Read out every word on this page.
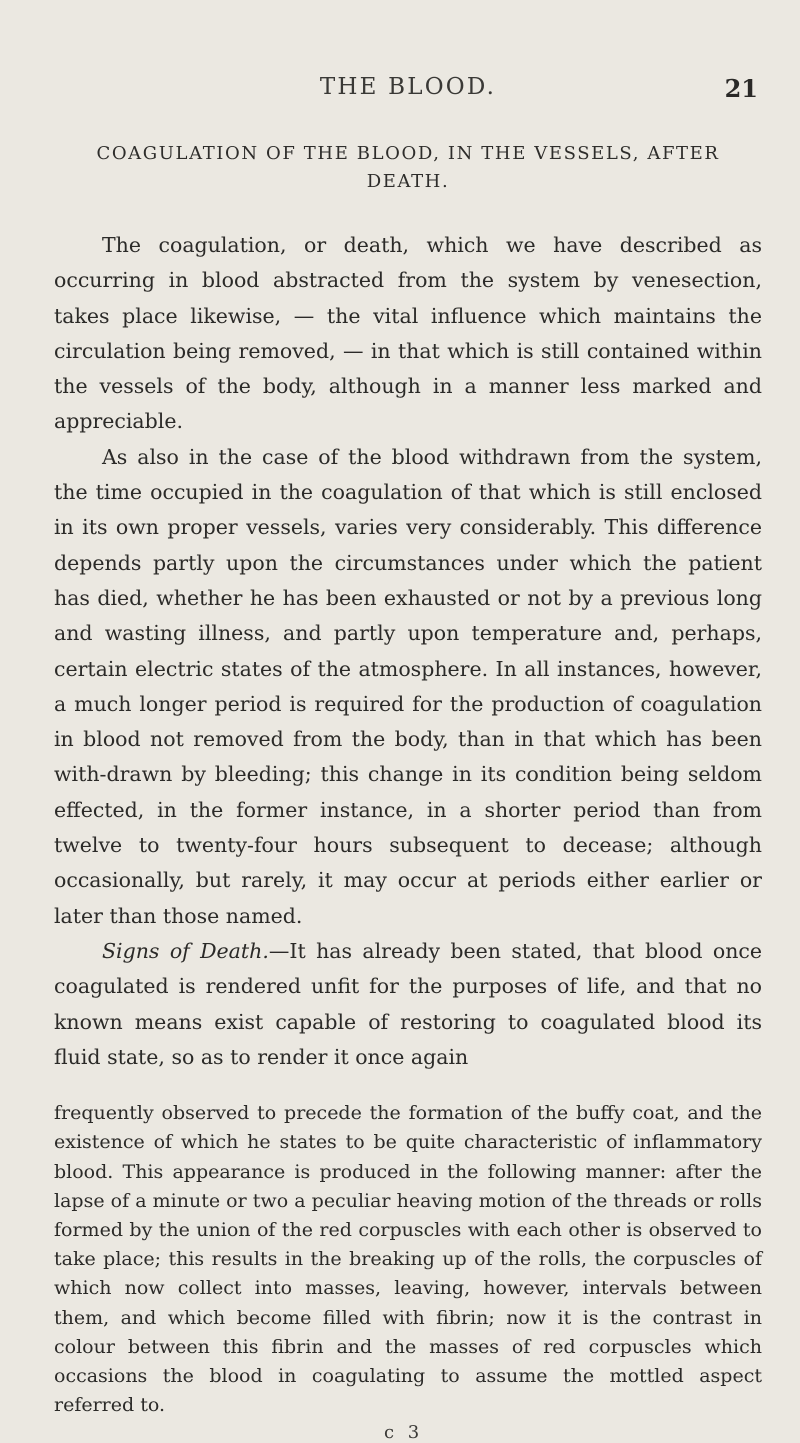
THE BLOOD.	21
COAGULATION OF THE BLOOD, IN THE VESSELS, AFTER DEATH.

The coagulation, or death, which we have described as occurring in blood abstracted from the system by venesection, takes place likewise, — the vital influence which maintains the circulation being removed, — in that which is still contained within the vessels of the body, although in a manner less marked and appreciable.

As also in the case of the blood withdrawn from the system, the time occupied in the coagulation of that which is still enclosed in its own proper vessels, varies very considerably. This difference depends partly upon the circumstances under which the patient has died, whether he has been exhausted or not by a previous long and wasting illness, and partly upon temperature and, perhaps, certain electric states of the atmosphere. In all instances, however, a much longer period is required for the production of coagulation in blood not removed from the body, than in that which has been with-drawn by bleeding; this change in its condition being seldom effected, in the former instance, in a shorter period than from twelve to twenty-four hours subsequent to decease; although occasionally, but rarely, it may occur at periods either earlier or later than those named.

Signs of Death.—It has already been stated, that blood once coagulated is rendered unfit for the purposes of life, and that no known means exist capable of restoring to coagulated blood its fluid state, so as to render it once again

frequently observed to precede the formation of the buffy coat, and the existence of which he states to be quite characteristic of inflammatory blood. This appearance is produced in the following manner: after the lapse of a minute or two a peculiar heaving motion of the threads or rolls formed by the union of the red corpuscles with each other is observed to take place; this results in the breaking up of the rolls, the corpuscles of which now collect into masses, leaving, however, intervals between them, and which become filled with fibrin; now it is the contrast in colour between this fibrin and the masses of red corpuscles which occasions the blood in coagulating to assume the mottled aspect referred to.

c 3
